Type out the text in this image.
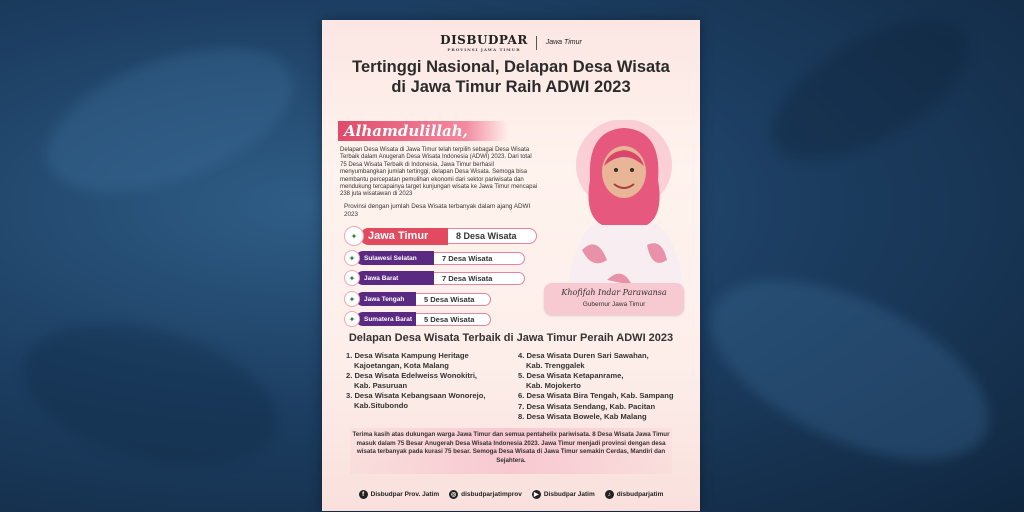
DISBUDPAR
PROVINSI JAWA TIMUR
Jawa Timur
Tertinggi Nasional, Delapan Desa Wisata
di Jawa Timur Raih ADWI 2023
Alhamdulillah,
Delapan Desa Wisata di Jawa Timur telah terpilih sebagai Desa Wisata Terbaik dalam Anugerah Desa Wisata Indonesia (ADWI) 2023. Dari total 75 Desa Wisata Terbaik di Indonesia, Jawa Timur berhasil menyumbangkan jumlah tertinggi, delapan Desa Wisata. Semoga bisa membantu percepatan pemulihan ekonomi dari sektor pariwisata dan mendukung tercapainya target kunjungan wisata ke Jawa Timur mencapai 238 juta wisatawan di 2023
Provinsi dengan jumlah Desa Wisata terbanyak dalam ajang ADWI 2023
✦ Jawa Timur	8 Desa Wisata
✦	Sulawesi Selatan	7 Desa Wisata
✦	Jawa Barat	7 Desa Wisata
✦	Jawa Tengah	5 Desa Wisata
✦	Sumatera Barat	5 Desa Wisata
Khofifah Indar Parawansa
Gubernur Jawa Timur
Delapan Desa Wisata Terbaik di Jawa Timur Peraih ADWI 2023
1. Desa Wisata Kampung Heritage
Kajoetangan, Kota Malang
2. Desa Wisata Edelweiss Wonokitri,
Kab. Pasuruan
3. Desa Wisata Kebangsaan Wonorejo,
Kab.Situbondo
4. Desa Wisata Duren Sari Sawahan,
Kab. Trenggalek
5. Desa Wisata Ketapanrame,
Kab. Mojokerto
6. Desa Wisata Bira Tengah, Kab. Sampang
7. Desa Wisata Sendang, Kab. Pacitan
8. Desa Wisata Bowele, Kab Malang
Terima kasih atas dukungan warga Jawa Timur dan semua pentahelix pariwisata. 8 Desa Wisata Jawa Timur masuk dalam 75 Besar Anugerah Desa Wisata Indonesia 2023. Jawa Timur menjadi provinsi dengan desa wisata terbanyak pada kurasi 75 besar. Semoga Desa Wisata di Jawa Timur semakin Cerdas, Mandiri dan Sejahtera.
f	Disbudpar Prov. Jatim	◎ disbudparjatimprov	▶ Disbudpar Jatim	♪ disbudparjatim
